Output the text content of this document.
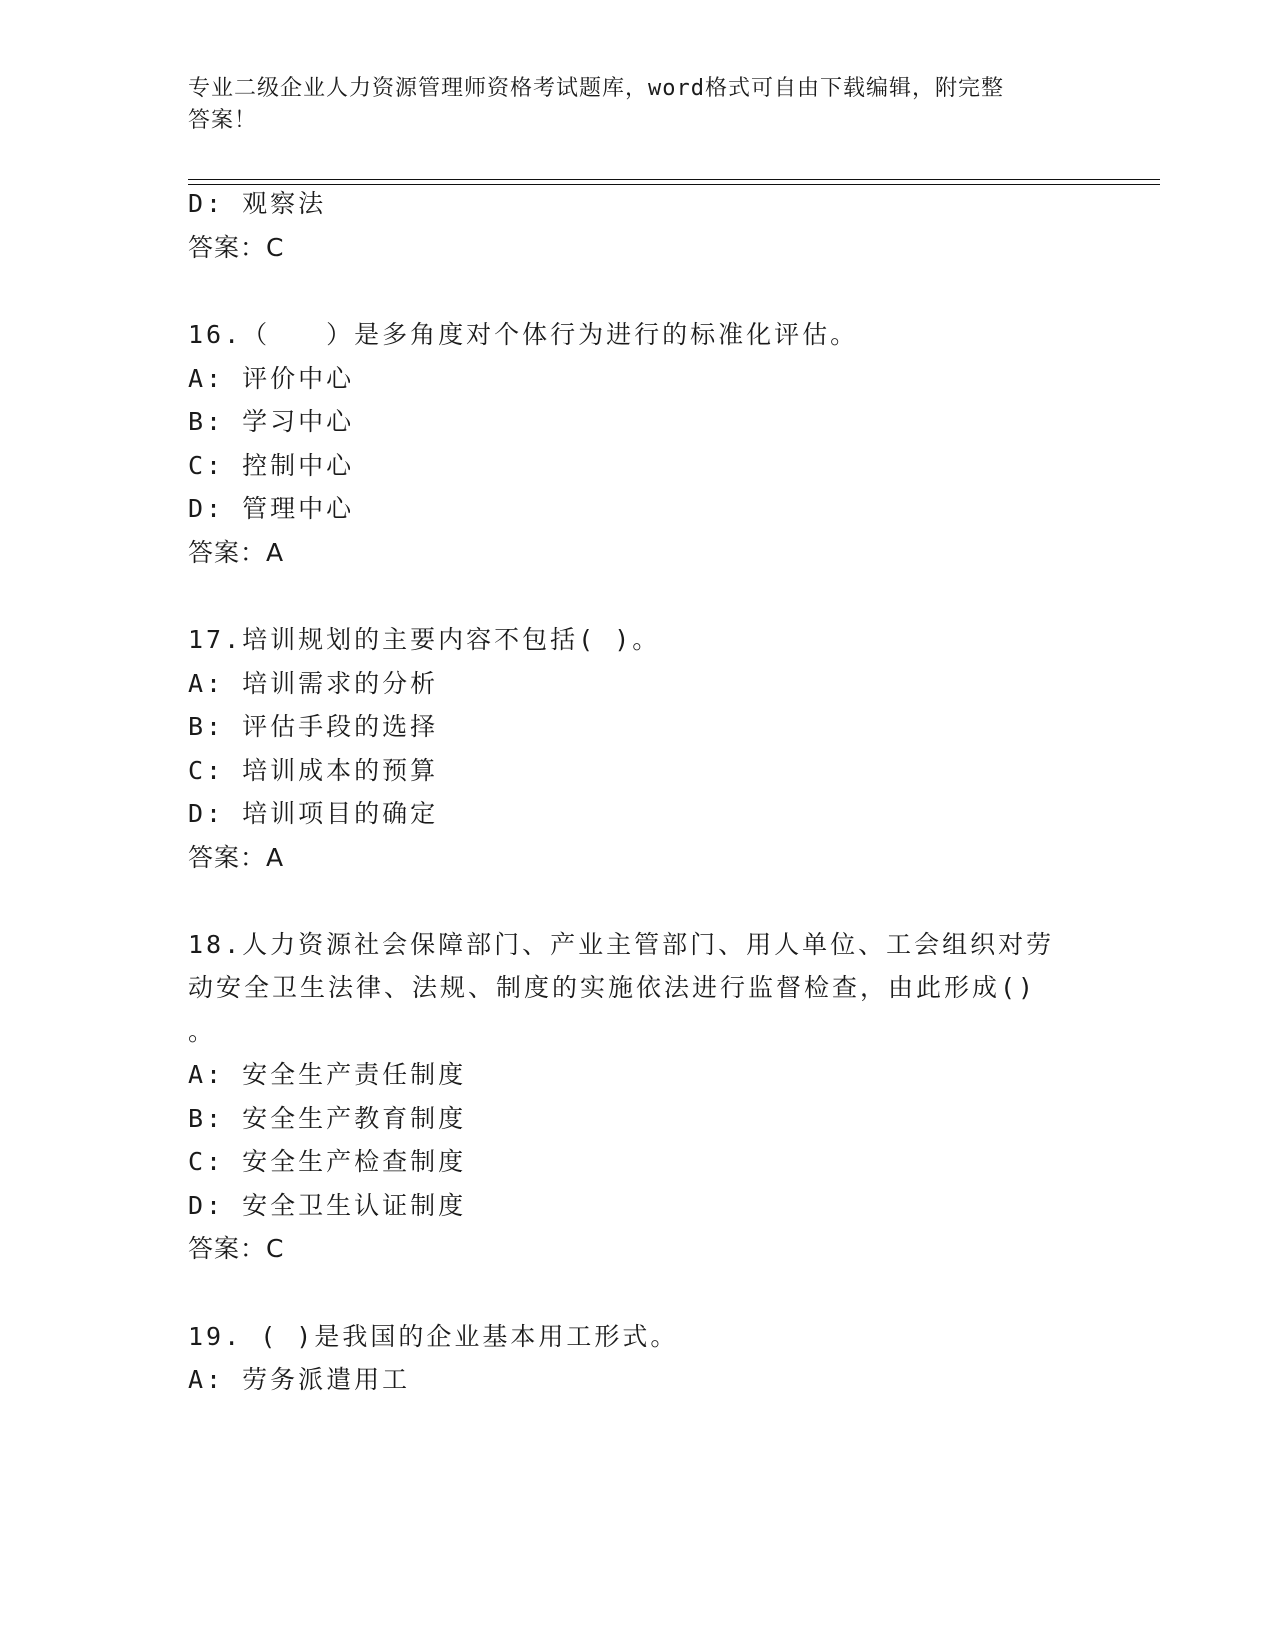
专业二级企业人力资源管理师资格考试题库，word格式可自由下载编辑，附完整
答案！
D: 观察法
答案：C
16.（　　）是多角度对个体行为进行的标准化评估。
A: 评价中心
B: 学习中心
C: 控制中心
D: 管理中心
答案：A
17.培训规划的主要内容不包括( )。
A: 培训需求的分析
B: 评估手段的选择
C: 培训成本的预算
D: 培训项目的确定
答案：A
18.人力资源社会保障部门、产业主管部门、用人单位、工会组织对劳
动安全卫生法律、法规、制度的实施依法进行监督检查，由此形成()
。
A: 安全生产责任制度
B: 安全生产教育制度
C: 安全生产检查制度
D: 安全卫生认证制度
答案：C
19. ( )是我国的企业基本用工形式。
A: 劳务派遣用工
